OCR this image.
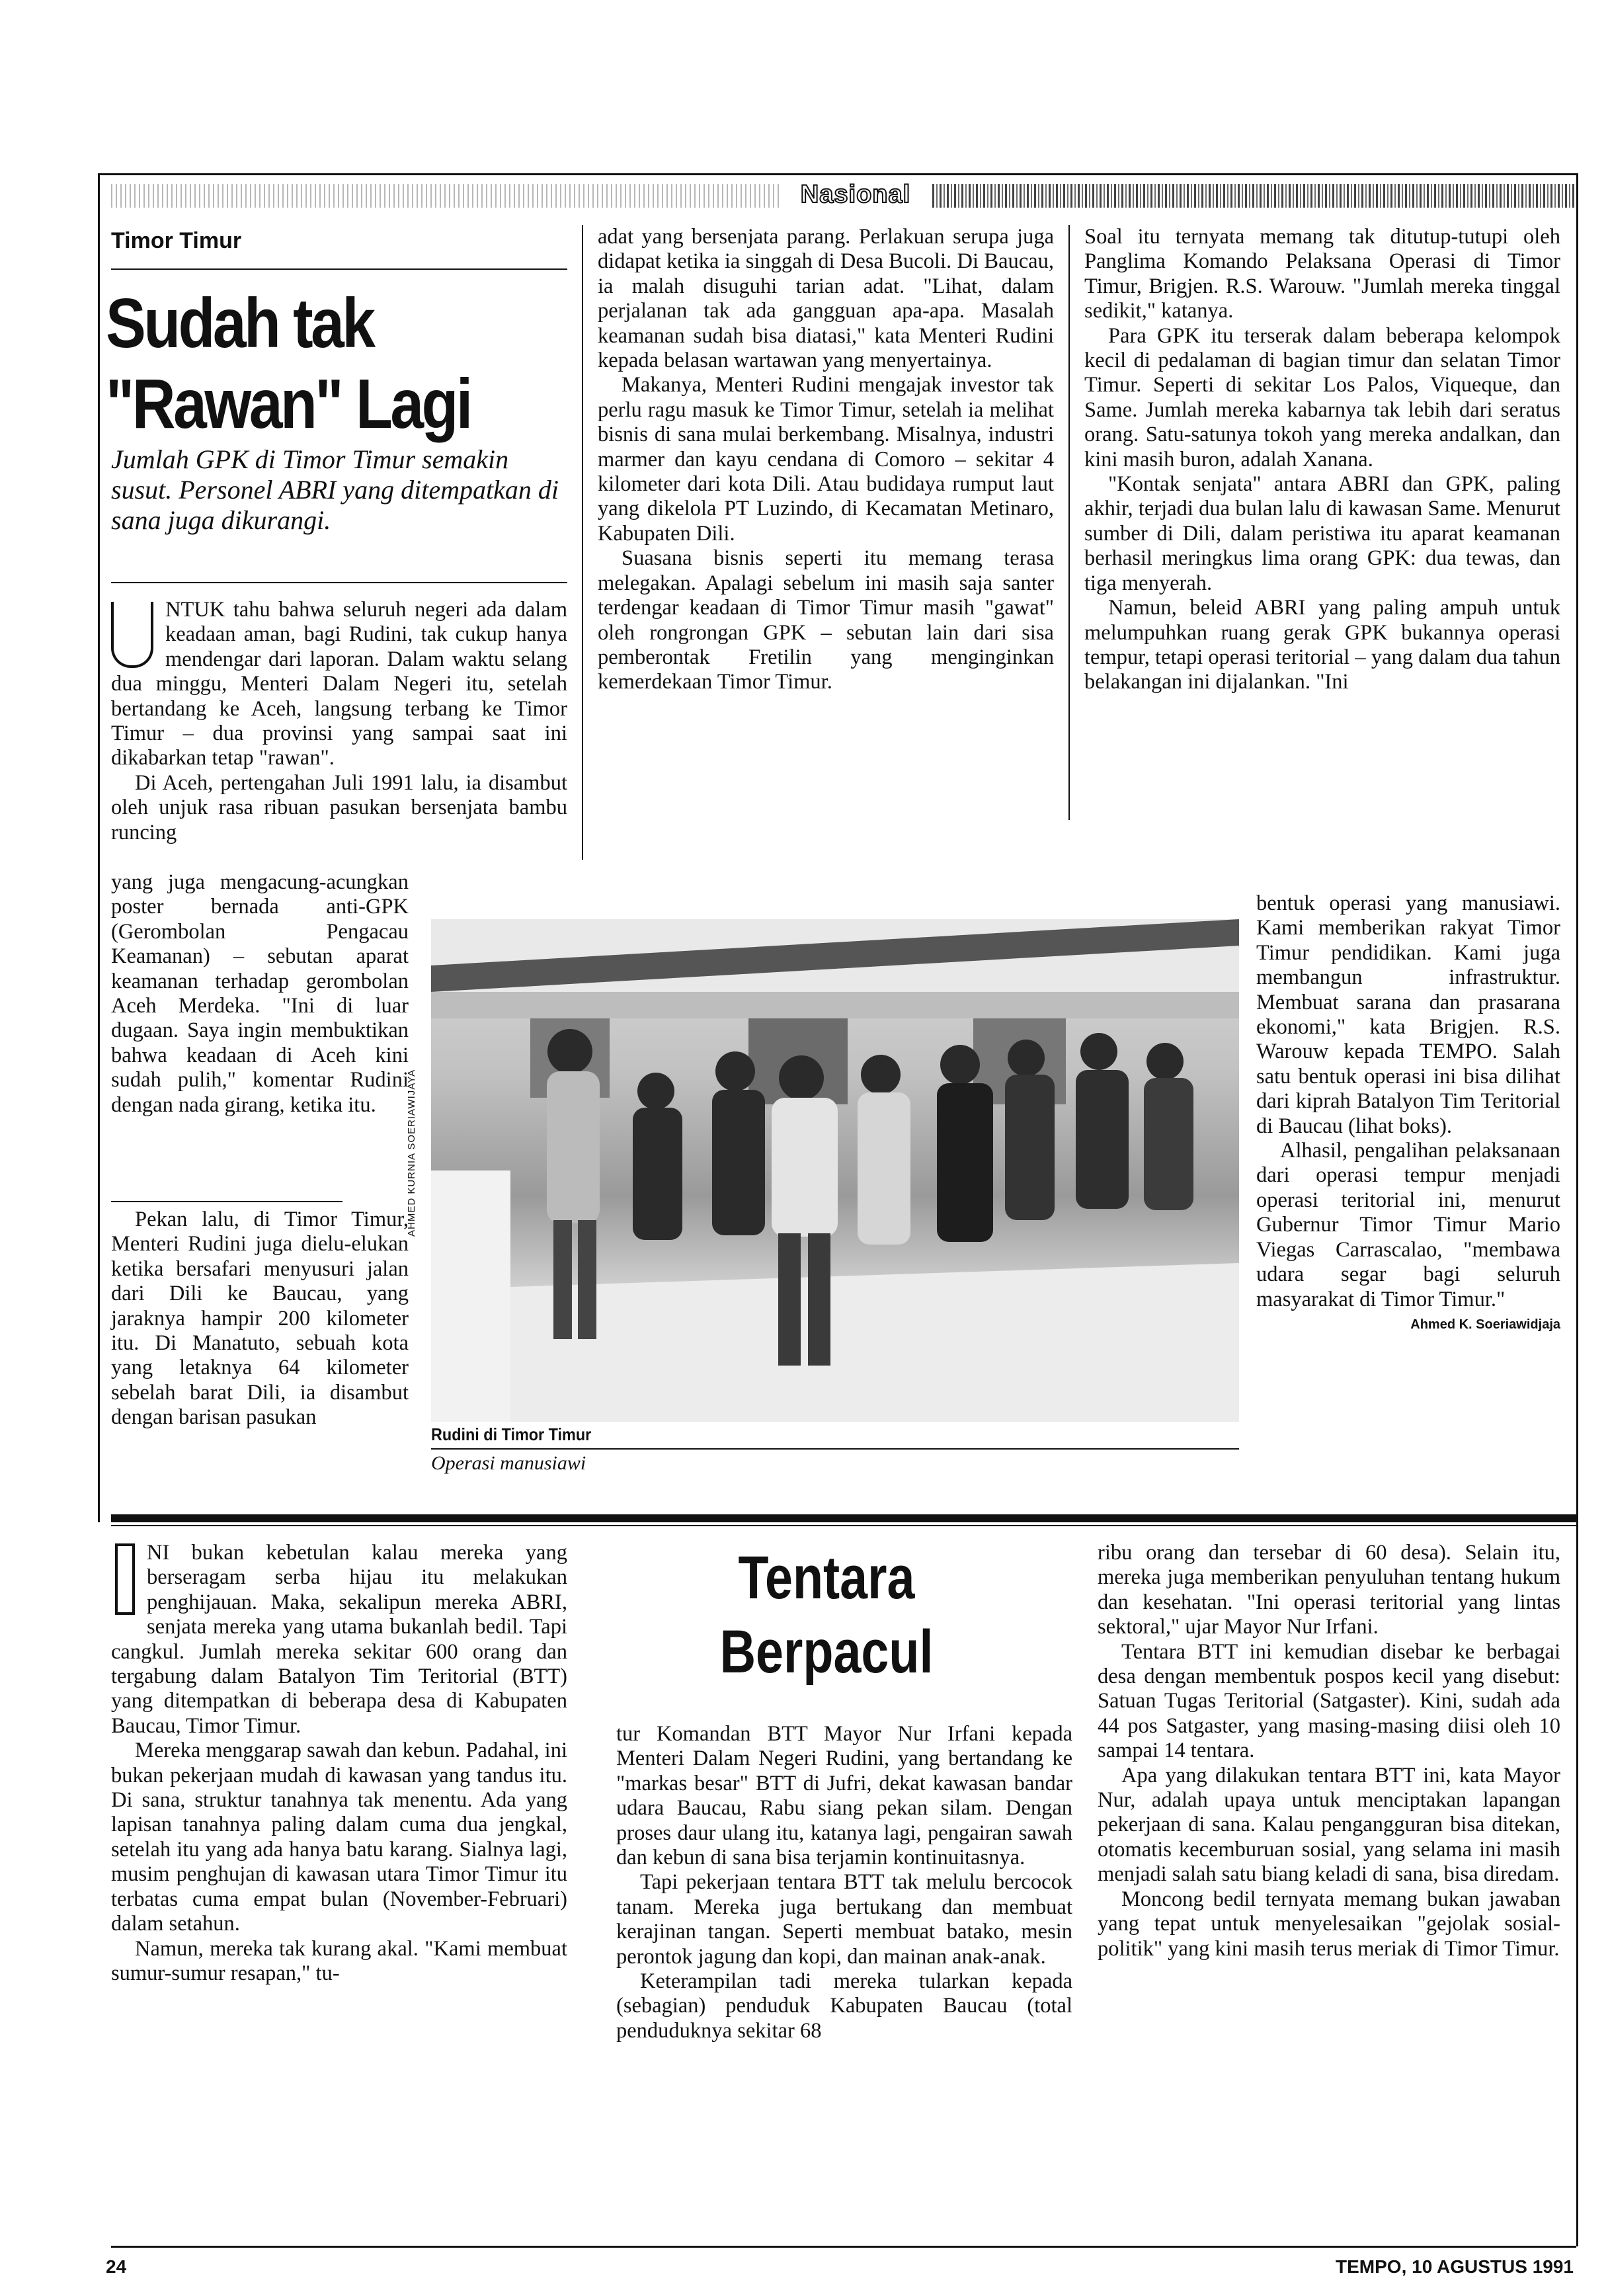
Nasional
Timor Timur
Sudah tak
"Rawan" Lagi
Jumlah GPK di Timor Timur semakin susut. Personel ABRI yang ditempatkan di sana juga dikurangi.

NTUK tahu bahwa seluruh negeri ada dalam keadaan aman, bagi Rudini, tak cukup hanya mendengar dari laporan. Dalam waktu selang dua minggu, Menteri Dalam Negeri itu, setelah bertandang ke Aceh, langsung terbang ke Timor Timur – dua provinsi yang sampai saat ini dikabarkan tetap "rawan".

Di Aceh, pertengahan Juli 1991 lalu, ia disambut oleh unjuk rasa ribuan pasukan bersenjata bambu runcing

yang juga mengacung-acungkan poster bernada anti-GPK (Gerombolan Pengacau Keamanan) – sebutan aparat keamanan terhadap gerombolan Aceh Merdeka. "Ini di luar dugaan. Saya ingin membuktikan bahwa keadaan di Aceh kini sudah pulih," komentar Rudini dengan nada girang, ketika itu.

Pekan lalu, di Timor Timur, Menteri Rudini juga dielu-elukan ketika bersafari menyusuri jalan dari Dili ke Baucau, yang jaraknya hampir 200 kilometer itu. Di Manatuto, sebuah kota yang letaknya 64 kilometer sebelah barat Dili, ia disambut dengan barisan pasukan

adat yang bersenjata parang. Perlakuan serupa juga didapat ketika ia singgah di Desa Bucoli. Di Baucau, ia malah disuguhi tarian adat. "Lihat, dalam perjalanan tak ada gangguan apa-apa. Masalah keamanan sudah bisa diatasi," kata Menteri Rudini kepada belasan wartawan yang menyertainya.

Makanya, Menteri Rudini mengajak investor tak perlu ragu masuk ke Timor Timur, setelah ia melihat bisnis di sana mulai berkembang. Misalnya, industri marmer dan kayu cendana di Comoro – sekitar 4 kilometer dari kota Dili. Atau budidaya rumput laut yang dikelola PT Luzindo, di Kecamatan Metinaro, Kabupaten Dili.

Suasana bisnis seperti itu memang terasa melegakan. Apalagi sebelum ini masih saja santer terdengar keadaan di Timor Timur masih "gawat" oleh rongrongan GPK – sebutan lain dari sisa pemberontak Fretilin yang menginginkan kemerdekaan Timor Timur.

Soal itu ternyata memang tak ditutup-tutupi oleh Panglima Komando Pelaksana Operasi di Timor Timur, Brigjen. R.S. Warouw. "Jumlah mereka tinggal sedikit," katanya.

Para GPK itu terserak dalam beberapa kelompok kecil di pedalaman di bagian timur dan selatan Timor Timur. Seperti di sekitar Los Palos, Viqueque, dan Same. Jumlah mereka kabarnya tak lebih dari seratus orang. Satu-satunya tokoh yang mereka andalkan, dan kini masih buron, adalah Xanana.

"Kontak senjata" antara ABRI dan GPK, paling akhir, terjadi dua bulan lalu di kawasan Same. Menurut sumber di Dili, dalam peristiwa itu aparat keamanan berhasil meringkus lima orang GPK: dua tewas, dan tiga menyerah.

Namun, beleid ABRI yang paling ampuh untuk melumpuhkan ruang gerak GPK bukannya operasi tempur, tetapi operasi teritorial – yang dalam dua tahun belakangan ini dijalankan. "Ini

bentuk operasi yang manusiawi. Kami memberikan rakyat Timor Timur pendidikan. Kami juga membangun infrastruktur. Membuat sarana dan prasarana ekonomi," kata Brigjen. R.S. Warouw kepada TEMPO. Salah satu bentuk operasi ini bisa dilihat dari kiprah Batalyon Tim Teritorial di Baucau (lihat boks).

Alhasil, pengalihan pelaksanaan dari operasi tempur menjadi operasi teritorial ini, menurut Gubernur Timor Timur Mario Viegas Carrascalao, "membawa udara segar bagi seluruh masyarakat di Timor Timur."

Ahmed K. Soeriawidjaja
AHMED KURNIA SOERIAWIJAYA
Rudini di Timor Timur
Operasi manusiawi

NI bukan kebetulan kalau mereka yang berseragam serba hijau itu melakukan penghijauan. Maka, sekalipun mereka ABRI, senjata mereka yang utama bukanlah bedil. Tapi cangkul. Jumlah mereka sekitar 600 orang dan tergabung dalam Batalyon Tim Teritorial (BTT) yang ditempatkan di beberapa desa di Kabupaten Baucau, Timor Timur.

Mereka menggarap sawah dan kebun. Padahal, ini bukan pekerjaan mudah di kawasan yang tandus itu. Di sana, struktur tanahnya tak menentu. Ada yang lapisan tanahnya paling dalam cuma dua jengkal, setelah itu yang ada hanya batu karang. Sialnya lagi, musim penghujan di kawasan utara Timor Timur itu terbatas cuma empat bulan (November-Februari) dalam setahun.

Namun, mereka tak kurang akal. "Kami membuat sumur-sumur resapan," tu-

Tentara
Berpacul

tur Komandan BTT Mayor Nur Irfani kepada Menteri Dalam Negeri Rudini, yang bertandang ke "markas besar" BTT di Jufri, dekat kawasan bandar udara Baucau, Rabu siang pekan silam. Dengan proses daur ulang itu, katanya lagi, pengairan sawah dan kebun di sana bisa terjamin kontinuitasnya.

Tapi pekerjaan tentara BTT tak melulu bercocok tanam. Mereka juga bertukang dan membuat kerajinan tangan. Seperti membuat batako, mesin perontok jagung dan kopi, dan mainan anak-anak.

Keterampilan tadi mereka tularkan kepada (sebagian) penduduk Kabupaten Baucau (total penduduknya sekitar 68

ribu orang dan tersebar di 60 desa). Selain itu, mereka juga memberikan penyuluhan tentang hukum dan kesehatan. "Ini operasi teritorial yang lintas sektoral," ujar Mayor Nur Irfani.

Tentara BTT ini kemudian disebar ke berbagai desa dengan membentuk pospos kecil yang disebut: Satuan Tugas Teritorial (Satgaster). Kini, sudah ada 44 pos Satgaster, yang masing-masing diisi oleh 10 sampai 14 tentara.

Apa yang dilakukan tentara BTT ini, kata Mayor Nur, adalah upaya untuk menciptakan lapangan pekerjaan di sana. Kalau pengangguran bisa ditekan, otomatis kecemburuan sosial, yang selama ini masih menjadi salah satu biang keladi di sana, bisa diredam.

Moncong bedil ternyata memang bukan jawaban yang tepat untuk menyelesaikan "gejolak sosial-politik" yang kini masih terus meriak di Timor Timur.

24	TEMPO, 10 AGUSTUS 1991
